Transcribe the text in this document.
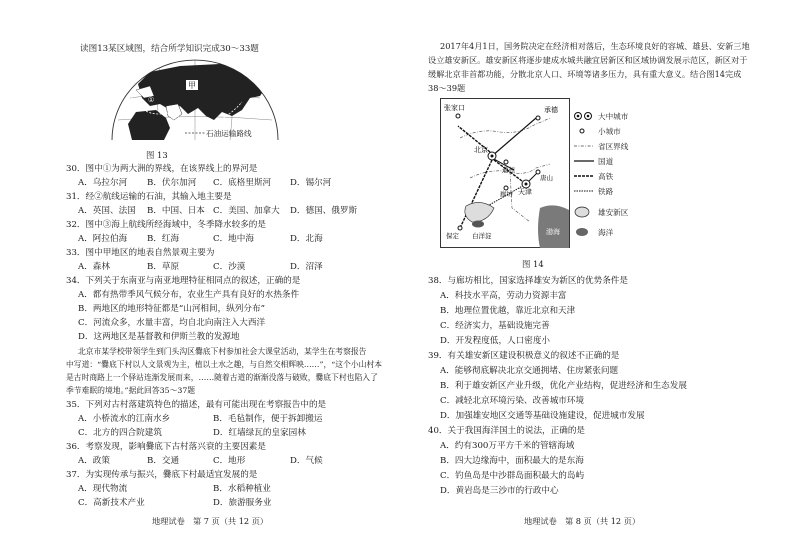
读图13某区域图，结合所学知识完成30～33题
甲
①
②
石油运输路线
图 13
30．图中①为两大洲的界线，在该界线上的界河是
A．乌拉尔河 B．伏尔加河 C．底格里斯河 D．锡尔河
31．经②航线运输的石油，其输入地主要是
A．英国、法国 B．中国、日本 C．美国、加拿大 D．德国、俄罗斯
32．图中③海上航线所经海域中，冬季降水较多的是
A．阿拉伯海 B．红海	C．地中海	D．北海
33．图中甲地区的地表自然景观主要为
A．森林	B．草原	C．沙漠	D．沼泽
34．下列关于东南亚与南亚地理特征相同点的叙述，正确的是
A．都有热带季风气候分布，农业生产具有良好的水热条件
B．两地区的地形特征都是“山河相间，纵列分布”
C．河流众多，水量丰富，均自北向南注入大西洋
D．这两地区是基督教和伊斯兰教的发源地
北京市某学校带领学生到门头沟区爨底下村参加社会大课堂活动，某学生在考察报告
中写道：“爨底下村以人文景观为主，植以土水之趣，与自然交相辉映……”，“这个小山村本
是古时商路上一个驿站连渐发展而来，……随着古道的渐渐没落与破败，爨底下村也陷入了
季节难眠的境地。”据此回答35～37题
35．下列对古村落建筑特色的描述，最有可能出现在考察报告中的是
A．小桥流水的江南水乡	B．毛毡制作，便于拆卸搬运
C．北方的四合院建筑	D．红墙绿瓦的皇家园林
36．考察发现，影响爨底下古村落兴衰的主要因素是
A．政策	B．交通	C．地形	D．气候
37．为实现传承与振兴，爨底下村最适宜发展的是
A．现代物流	B．水稻种植业
C．高新技术产业	D．旅游服务业
地理试卷　第 7 页（共 12 页）
2017年4月1日，国务院决定在经济相对落后，生态环境良好的容城、雄县、安新三地
设立雄安新区。雄安新区将逐步建成水城共融宜居新区和区域协调发展示范区，新区对于
缓解北京非首都功能，分散北京人口、环境等诸多压力，具有重大意义。结合图14完成
38～39题
张家口	承德
北京
通州
唐山
天津
廊坊
保定 白洋淀	渤海
大中城市
小城市
省区界线
国道
高铁
铁路
雄安新区
海洋
图 14
38．与廊坊相比，国家选择雄安为新区的优势条件是
A．科技水平高，劳动力资源丰富
B．地理位置优越，靠近北京和天津
C．经济实力，基础设施完善
D．开发程度低，人口密度小
39．有关雄安新区建设积极意义的叙述不正确的是
A．能够彻底解决北京交通拥堵、住房紧张问题
B．利于雄安新区产业升级，优化产业结构，促进经济和生态发展
C．减轻北京环境污染、改善城市环境
D．加强雄安地区交通等基础设施建设，促进城市发展
40．关于我国海洋国土的说法，正确的是
A．约有300万平方千米的管辖海域
B．四大边缘海中，面积最大的是东海
C．钓鱼岛是中沙群岛面积最大的岛屿
D．黄岩岛是三沙市的行政中心
地理试卷　第 8 页（共 12 页）
